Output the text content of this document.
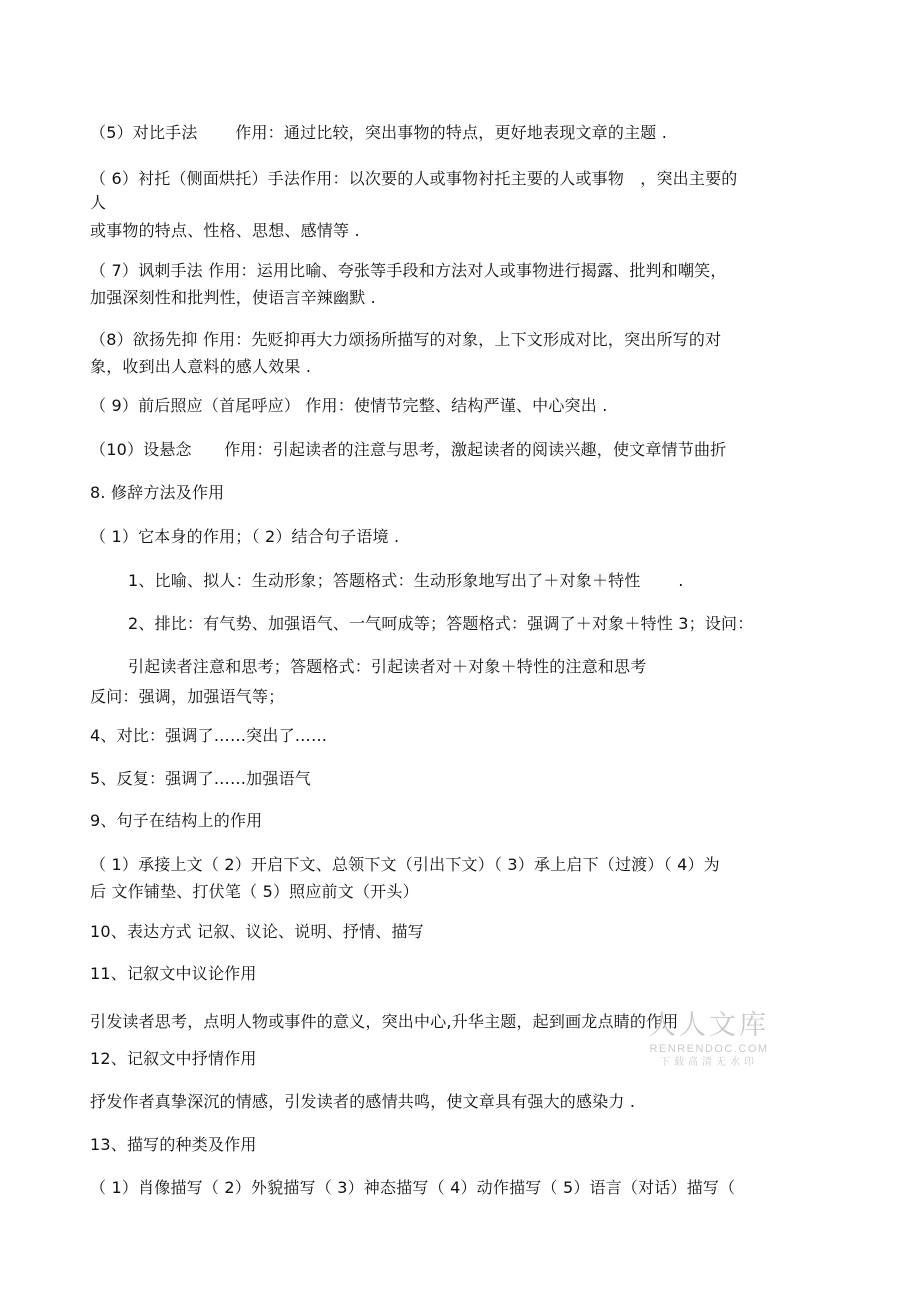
（5）对比手法　　 作用：通过比较，突出事物的特点，更好地表现文章的主题 .

（ 6）衬托（侧面烘托）手法作用：以次要的人或事物衬托主要的人或事物　，突出主要的

人

或事物的特点、性格、思想、感情等 .

（ 7）讽刺手法 作用：运用比喻、夸张等手段和方法对人或事物进行揭露、批判和嘲笑，

加强深刻性和批判性，使语言辛辣幽默 .

（8）欲扬先抑 作用：先贬抑再大力颂扬所描写的对象，上下文形成对比，突出所写的对

象，收到出人意料的感人效果 .

（ 9）前后照应（首尾呼应） 作用：使情节完整、结构严谨、中心突出 .

（10）设悬念　　作用：引起读者的注意与思考，激起读者的阅读兴趣，使文章情节曲折

8. 修辞方法及作用

（ 1）它本身的作用；（ 2）结合句子语境 .

1、比喻、拟人：生动形象；答题格式：生动形象地写出了＋对象＋特性　　 .

2、排比：有气势、加强语气、一气呵成等；答题格式：强调了＋对象＋特性 3；设问：

引起读者注意和思考；答题格式：引起读者对＋对象＋特性的注意和思考

反问：强调，加强语气等；

4、对比：强调了……突出了……

5、反复：强调了……加强语气

9、句子在结构上的作用

（ 1）承接上文（ 2）开启下文、总领下文（引出下文）（ 3）承上启下（过渡）（ 4）为

后 文作铺垫、打伏笔（ 5）照应前文（开头）

10、表达方式 记叙、议论、说明、抒情、描写

11、记叙文中议论作用

引发读者思考，点明人物或事件的意义，突出中心,升华主题，起到画龙点睛的作用

12、记叙文中抒情作用

抒发作者真挚深沉的情感，引发读者的感情共鸣，使文章具有强大的感染力 .

13、描写的种类及作用

（ 1）肖像描写（ 2）外貌描写（ 3）神态描写（ 4）动作描写（ 5）语言（对话）描写（

人人文库
RENRENDOC.COM
下载高清无水印
